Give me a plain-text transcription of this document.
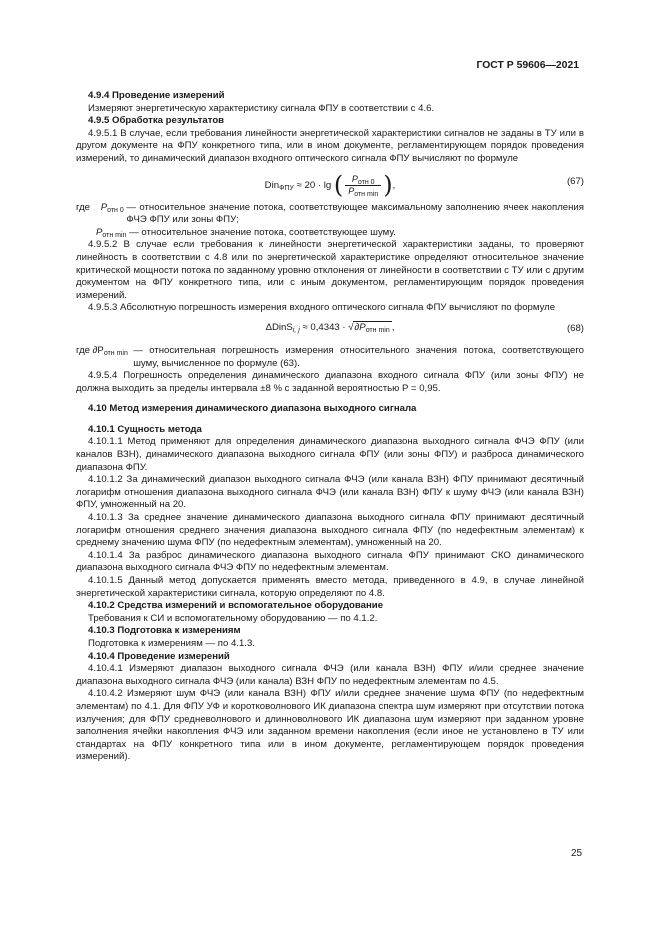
ГОСТ Р 59606—2021

4.9.4 Проведение измерений

Измеряют энергетическую характеристику сигнала ФПУ в соответствии с 4.6.

4.9.5 Обработка результатов

4.9.5.1 В случае, если требования линейности энергетической характеристики сигналов не заданы в ТУ или в другом документе на ФПУ конкретного типа, или в ином документе, регламентирующем порядок проведения измерений, то динамический диапазон входного оптического сигнала ФПУ вычисляют по формуле

Din$_{ФПУ}$ ≈ 20 · lg ( $\frac{P_{отн 0}}{P_{отн min}}$ ),	(67)
где $P_{отн 0}$ — относительное значение потока, соответствующее максимальному заполнению ячеек накопления ФЧЭ ФПУ или зоны ФПУ;
$P_{отн min}$ — относительное значение потока, соответствующее шуму.

4.9.5.2 В случае если требования к линейности энергетической характеристики заданы, то проверяют линейность в соответствии с 4.8 или по энергетической характеристике определяют относительное значение критической мощности потока по заданному уровню отклонения от линейности в соответствии с ТУ или с другим документом на ФПУ конкретного типа, или с иным документом, регламентирующим порядок проведения измерений.

4.9.5.3 Абсолютную погрешность измерения входного оптического сигнала ФПУ вычисляют по формуле

ΔDinS$_{i, j}$ ≈ $0,4343 \cdot √\partial P_{отн min}$ ,	(68)
где $\partial P_{отн min}$ — относительная погрешность измерения относительного значения потока, соответствующего шуму, вычисленное по формуле (63).

4.9.5.4 Погрешность определения динамического диапазона входного сигнала ФПУ (или зоны ФПУ) не должна выходить за пределы интервала ±8 % с заданной вероятностью P = 0,95.

4.10 Метод измерения динамического диапазона выходного сигнала

4.10.1 Сущность метода

4.10.1.1 Метод применяют для определения динамического диапазона выходного сигнала ФЧЭ ФПУ (или каналов ВЗН), динамического диапазона выходного сигнала ФПУ (или зоны ФПУ) и разброса динамического диапазона ФПУ.

4.10.1.2 За динамический диапазон выходного сигнала ФЧЭ (или канала ВЗН) ФПУ принимают десятичный логарифм отношения диапазона выходного сигнала ФЧЭ (или канала ВЗН) ФПУ к шуму ФЧЭ (или канала ВЗН) ФПУ, умноженный на 20.

4.10.1.3 За среднее значение динамического диапазона выходного сигнала ФПУ принимают десятичный логарифм отношения среднего значения диапазона выходного сигнала ФПУ (по недефектным элементам) к среднему значению шума ФПУ (по недефектным элементам), умноженный на 20.

4.10.1.4 За разброс динамического диапазона выходного сигнала ФПУ принимают СКО динамического диапазона выходного сигнала ФЧЭ ФПУ по недефектным элементам.

4.10.1.5 Данный метод допускается применять вместо метода, приведенного в 4.9, в случае линейной энергетической характеристики сигнала, которую определяют по 4.8.

4.10.2 Средства измерений и вспомогательное оборудование

Требования к СИ и вспомогательному оборудованию — по 4.1.2.

4.10.3 Подготовка к измерениям

Подготовка к измерениям — по 4.1.3.

4.10.4 Проведение измерений

4.10.4.1 Измеряют диапазон выходного сигнала ФЧЭ (или канала ВЗН) ФПУ и/или среднее значение диапазона выходного сигнала ФЧЭ (или канала) ВЗН ФПУ по недефектным элементам по 4.5.

4.10.4.2 Измеряют шум ФЧЭ (или канала ВЗН) ФПУ и/или среднее значение шума ФПУ (по недефектным элементам) по 4.1. Для ФПУ УФ и коротковолнового ИК диапазона спектра шум измеряют при отсутствии потока излучения; для ФПУ средневолнового и длинноволнового ИК диапазона шум измеряют при заданном уровне заполнения ячейки накопления ФЧЭ или заданном времени накопления (если иное не установлено в ТУ или стандартах на ФПУ конкретного типа или в ином документе, регламентирующем порядок проведения измерений).

25
